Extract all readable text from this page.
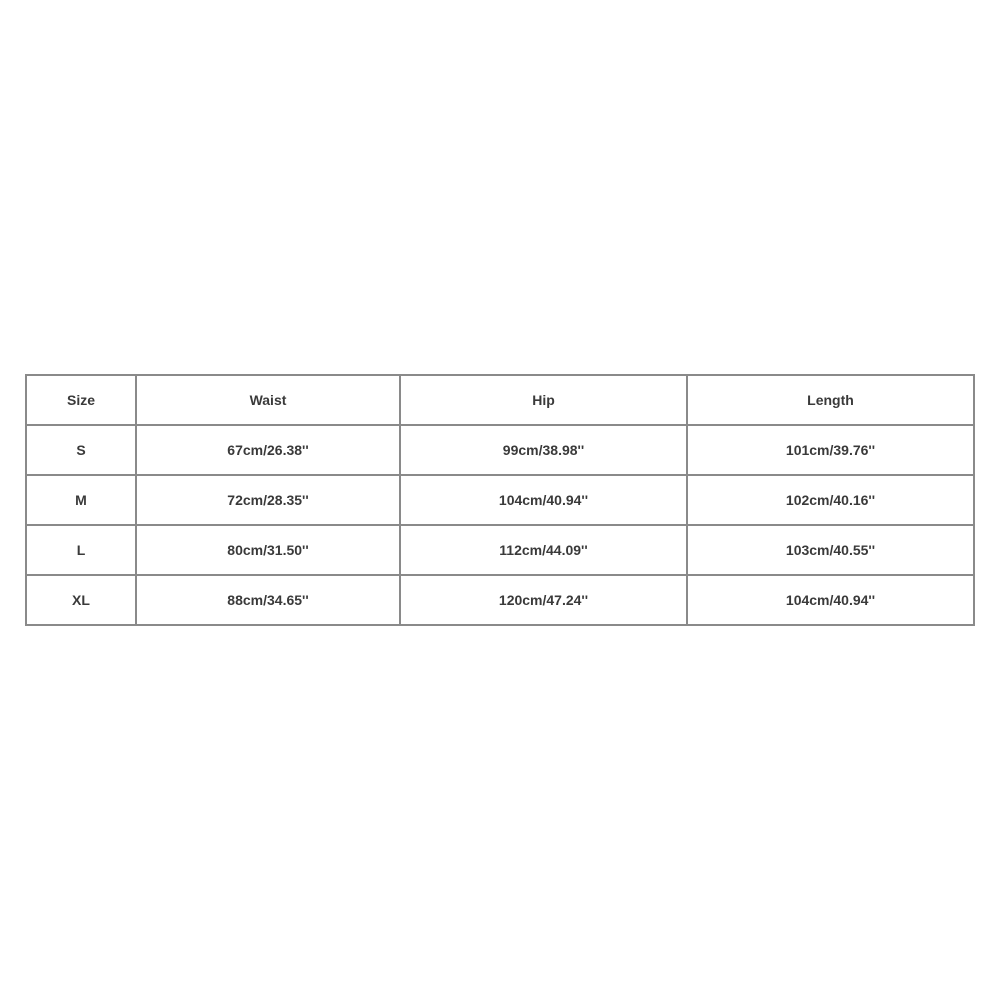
Size	Waist	Hip	Length
S	67cm/26.38''	99cm/38.98''	101cm/39.76''
M	72cm/28.35''	104cm/40.94''	102cm/40.16''
L	80cm/31.50''	112cm/44.09''	103cm/40.55''
XL	88cm/34.65''	120cm/47.24''	104cm/40.94''
